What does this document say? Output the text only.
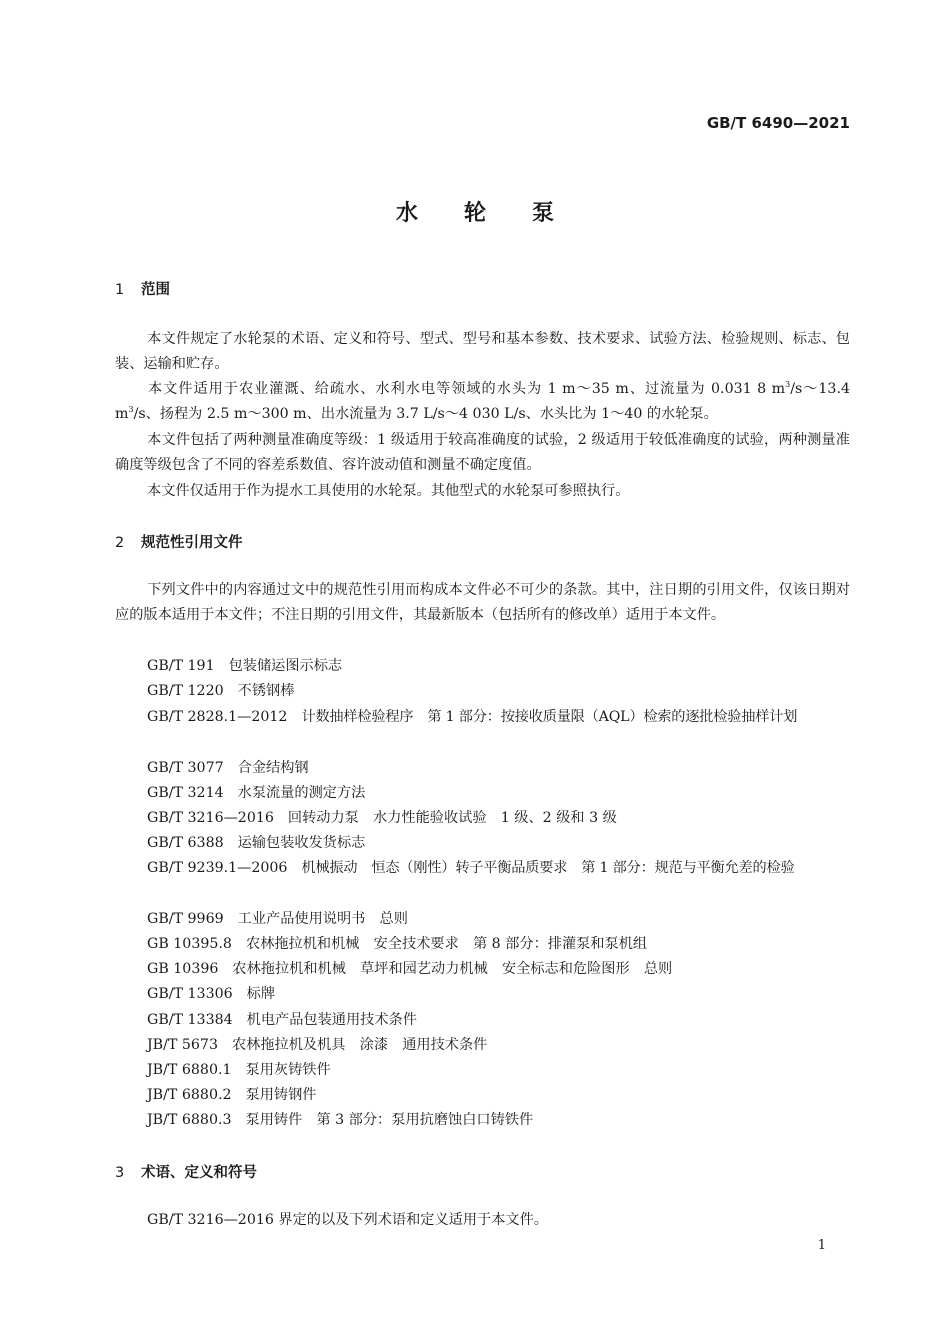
GB/T 6490—2021
水轮泵
1 范围
本文件规定了水轮泵的术语、定义和符号、型式、型号和基本参数、技术要求、试验方法、检验规则、标志、包装、运输和贮存。
本文件适用于农业灌溉、给疏水、水利水电等领域的水头为 1 m～35 m、过流量为 0.031 8 $m^3/s\sim 13.4$ $m^3/s$、扬程为 2.5 m～300 m、出水流量为 3.7 L/s～4 030 L/s、水头比为 1～40 的水轮泵。
本文件包括了两种测量准确度等级：1 级适用于较高准确度的试验，2 级适用于较低准确度的试验，两种测量准确度等级包含了不同的容差系数值、容许波动值和测量不确定度值。
本文件仅适用于作为提水工具使用的水轮泵。其他型式的水轮泵可参照执行。
2 规范性引用文件
下列文件中的内容通过文中的规范性引用而构成本文件必不可少的条款。其中，注日期的引用文件，仅该日期对应的版本适用于本文件；不注日期的引用文件，其最新版本（包括所有的修改单）适用于本文件。
GB/T 191 包装储运图示标志
GB/T 1220 不锈钢棒
GB/T 2828.1—2012 计数抽样检验程序　第 1 部分：按接收质量限（AQL）检索的逐批检验抽样计划
GB/T 3077 合金结构钢
GB/T 3214 水泵流量的测定方法
GB/T 3216—2016 回转动力泵　水力性能验收试验　1 级、2 级和 3 级
GB/T 6388 运输包装收发货标志
GB/T 9239.1—2006 机械振动　恒态（刚性）转子平衡品质要求　第 1 部分：规范与平衡允差的检验
GB/T 9969 工业产品使用说明书　总则
GB 10395.8 农林拖拉机和机械　安全技术要求　第 8 部分：排灌泵和泵机组
GB 10396 农林拖拉机和机械　草坪和园艺动力机械　安全标志和危险图形　总则
GB/T 13306 标牌
GB/T 13384 机电产品包装通用技术条件
JB/T 5673 农林拖拉机及机具　涂漆　通用技术条件
JB/T 6880.1 泵用灰铸铁件
JB/T 6880.2 泵用铸钢件
JB/T 6880.3 泵用铸件　第 3 部分：泵用抗磨蚀白口铸铁件
3 术语、定义和符号
GB/T 3216—2016 界定的以及下列术语和定义适用于本文件。
1
